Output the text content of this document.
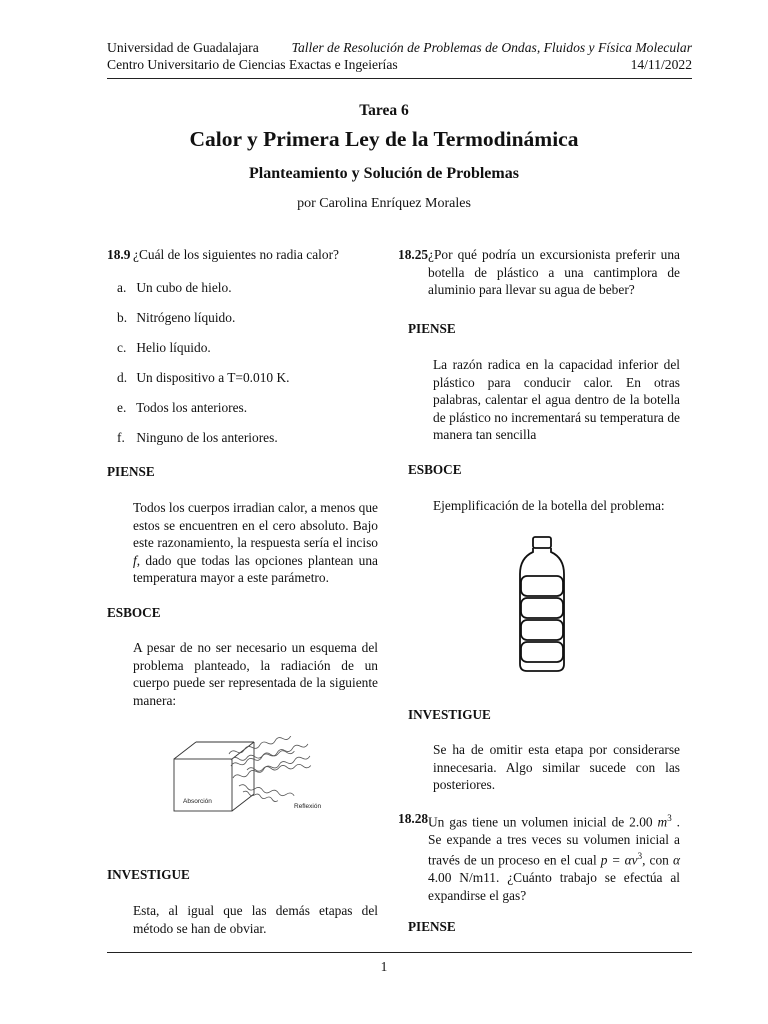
Universidad de Guadalajara Taller de Resolución de Problemas de Ondas, Fluidos y Física Molecular
Centro Universitario de Ciencias Exactas e Ingeierías	14/11/2022
Tarea 6
Calor y Primera Ley de la Termodinámica
Planteamiento y Solución de Problemas
por Carolina Enríquez Morales
18.9 ¿Cuál de los siguientes no radia calor?
a. Un cubo de hielo.
b. Nitrógeno líquido.
c. Helio líquido.
d. Un dispositivo a T=0.010 K.
e. Todos los anteriores.
f. Ninguno de los anteriores.
PIENSE
Todos los cuerpos irradian calor, a menos que estos se encuentren en el cero absoluto. Bajo este razonamiento, la respuesta sería el inciso f, dado que todas las opciones plantean una temperatura mayor a este parámetro.
ESBOCE
A pesar de no ser necesario un esquema del problema planteado, la radiación de un cuerpo puede ser representada de la siguiente manera:
Absorción
Reflexión
INVESTIGUE
Esta, al igual que las demás etapas del método se han de obviar.
18.25 ¿Por qué podría un excursionista preferir una botella de plástico a una cantimplora de aluminio para llevar su agua de beber?
PIENSE
La razón radica en la capacidad inferior del plástico para conducir calor. En otras palabras, calentar el agua dentro de la botella de plástico no incrementará su temperatura de manera tan sencilla
ESBOCE
Ejemplificación de la botella del problema:
INVESTIGUE
Se ha de omitir esta etapa por considerarse innecesaria. Algo similar sucede con las posteriores.
18.28 Un gas tiene un volumen inicial de 2.00 $m^3$ . Se expande a tres veces su volumen inicial a través de un proceso en el cual $p = \alpha v^3$, con α 4.00 N/m11. ¿Cuánto trabajo se efectúa al expandirse el gas?
PIENSE
1
